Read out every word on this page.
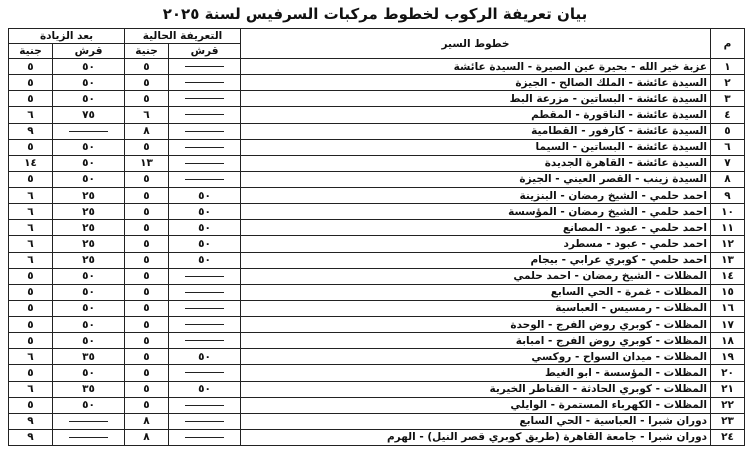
بيان تعريفة الركوب لخطوط مركبات السرفيس لسنة ٢٠٢٥
م	خطوط السير	التعريفة الحالية		بعد الزيادة	
		قرش	جنية	قرش	جنية
١	عزبة خير الله - بحيرة عين الصيرة - السيدة عائشة		٥	٥٠	٥
٢	السيدة عائشة - الملك الصالح - الجيزة		٥	٥٠	٥
٣	السيدة عائشة - البساتين - مزرعة البط		٥	٥٠	٥
٤	السيدة عائشة - الناقورة - المقطم		٦	٧٥	٦
٥	السيدة عائشة - كارفور - القطامية		٨		٩
٦	السيدة عائشة - البساتين - السيما		٥	٥٠	٥
٧	السيدة عائشة - القاهرة الجديدة		١٣	٥٠	١٤
٨	السيدة زينب - القصر العيني - الجيزة		٥	٥٠	٥
٩	احمد حلمي - الشيخ رمضان - البنزينة	٥٠	٥	٢٥	٦
١٠	احمد حلمي - الشيخ رمضان - المؤسسة	٥٠	٥	٢٥	٦
١١	احمد حلمي - عبود - المصانع	٥٠	٥	٢٥	٦
١٢	احمد حلمي - عبود - مسطرد	٥٠	٥	٢٥	٦
١٣	احمد حلمي - كوبري عرابي - بيجام	٥٠	٥	٢٥	٦
١٤	المظلات - الشيخ رمضان - احمد حلمي		٥	٥٠	٥
١٥	المظلات - غمرة - الحي السابع		٥	٥٠	٥
١٦	المظلات - رمسيس - العباسية		٥	٥٠	٥
١٧	المظلات - كوبري روض الفرج - الوحدة		٥	٥٠	٥
١٨	المظلات - كوبري روض الفرج - امبابة		٥	٥٠	٥
١٩	المظلات - ميدان السواح - روكسي	٥٠	٥	٣٥	٦
٢٠	المظلات - المؤسسة - ابو الغيط		٥	٥٠	٥
٢١	المظلات - كوبري الحادثة - القناطر الخيرية	٥٠	٥	٣٥	٦
٢٢	المظلات - الكهرباء المستمرة - الوايلي		٥	٥٠	٥
٢٣	دوران شبرا - العباسية - الحي السابع		٨		٩
٢٤	دوران شبرا - جامعة القاهرة (طريق كوبري قصر النيل) - الهرم		٨		٩
